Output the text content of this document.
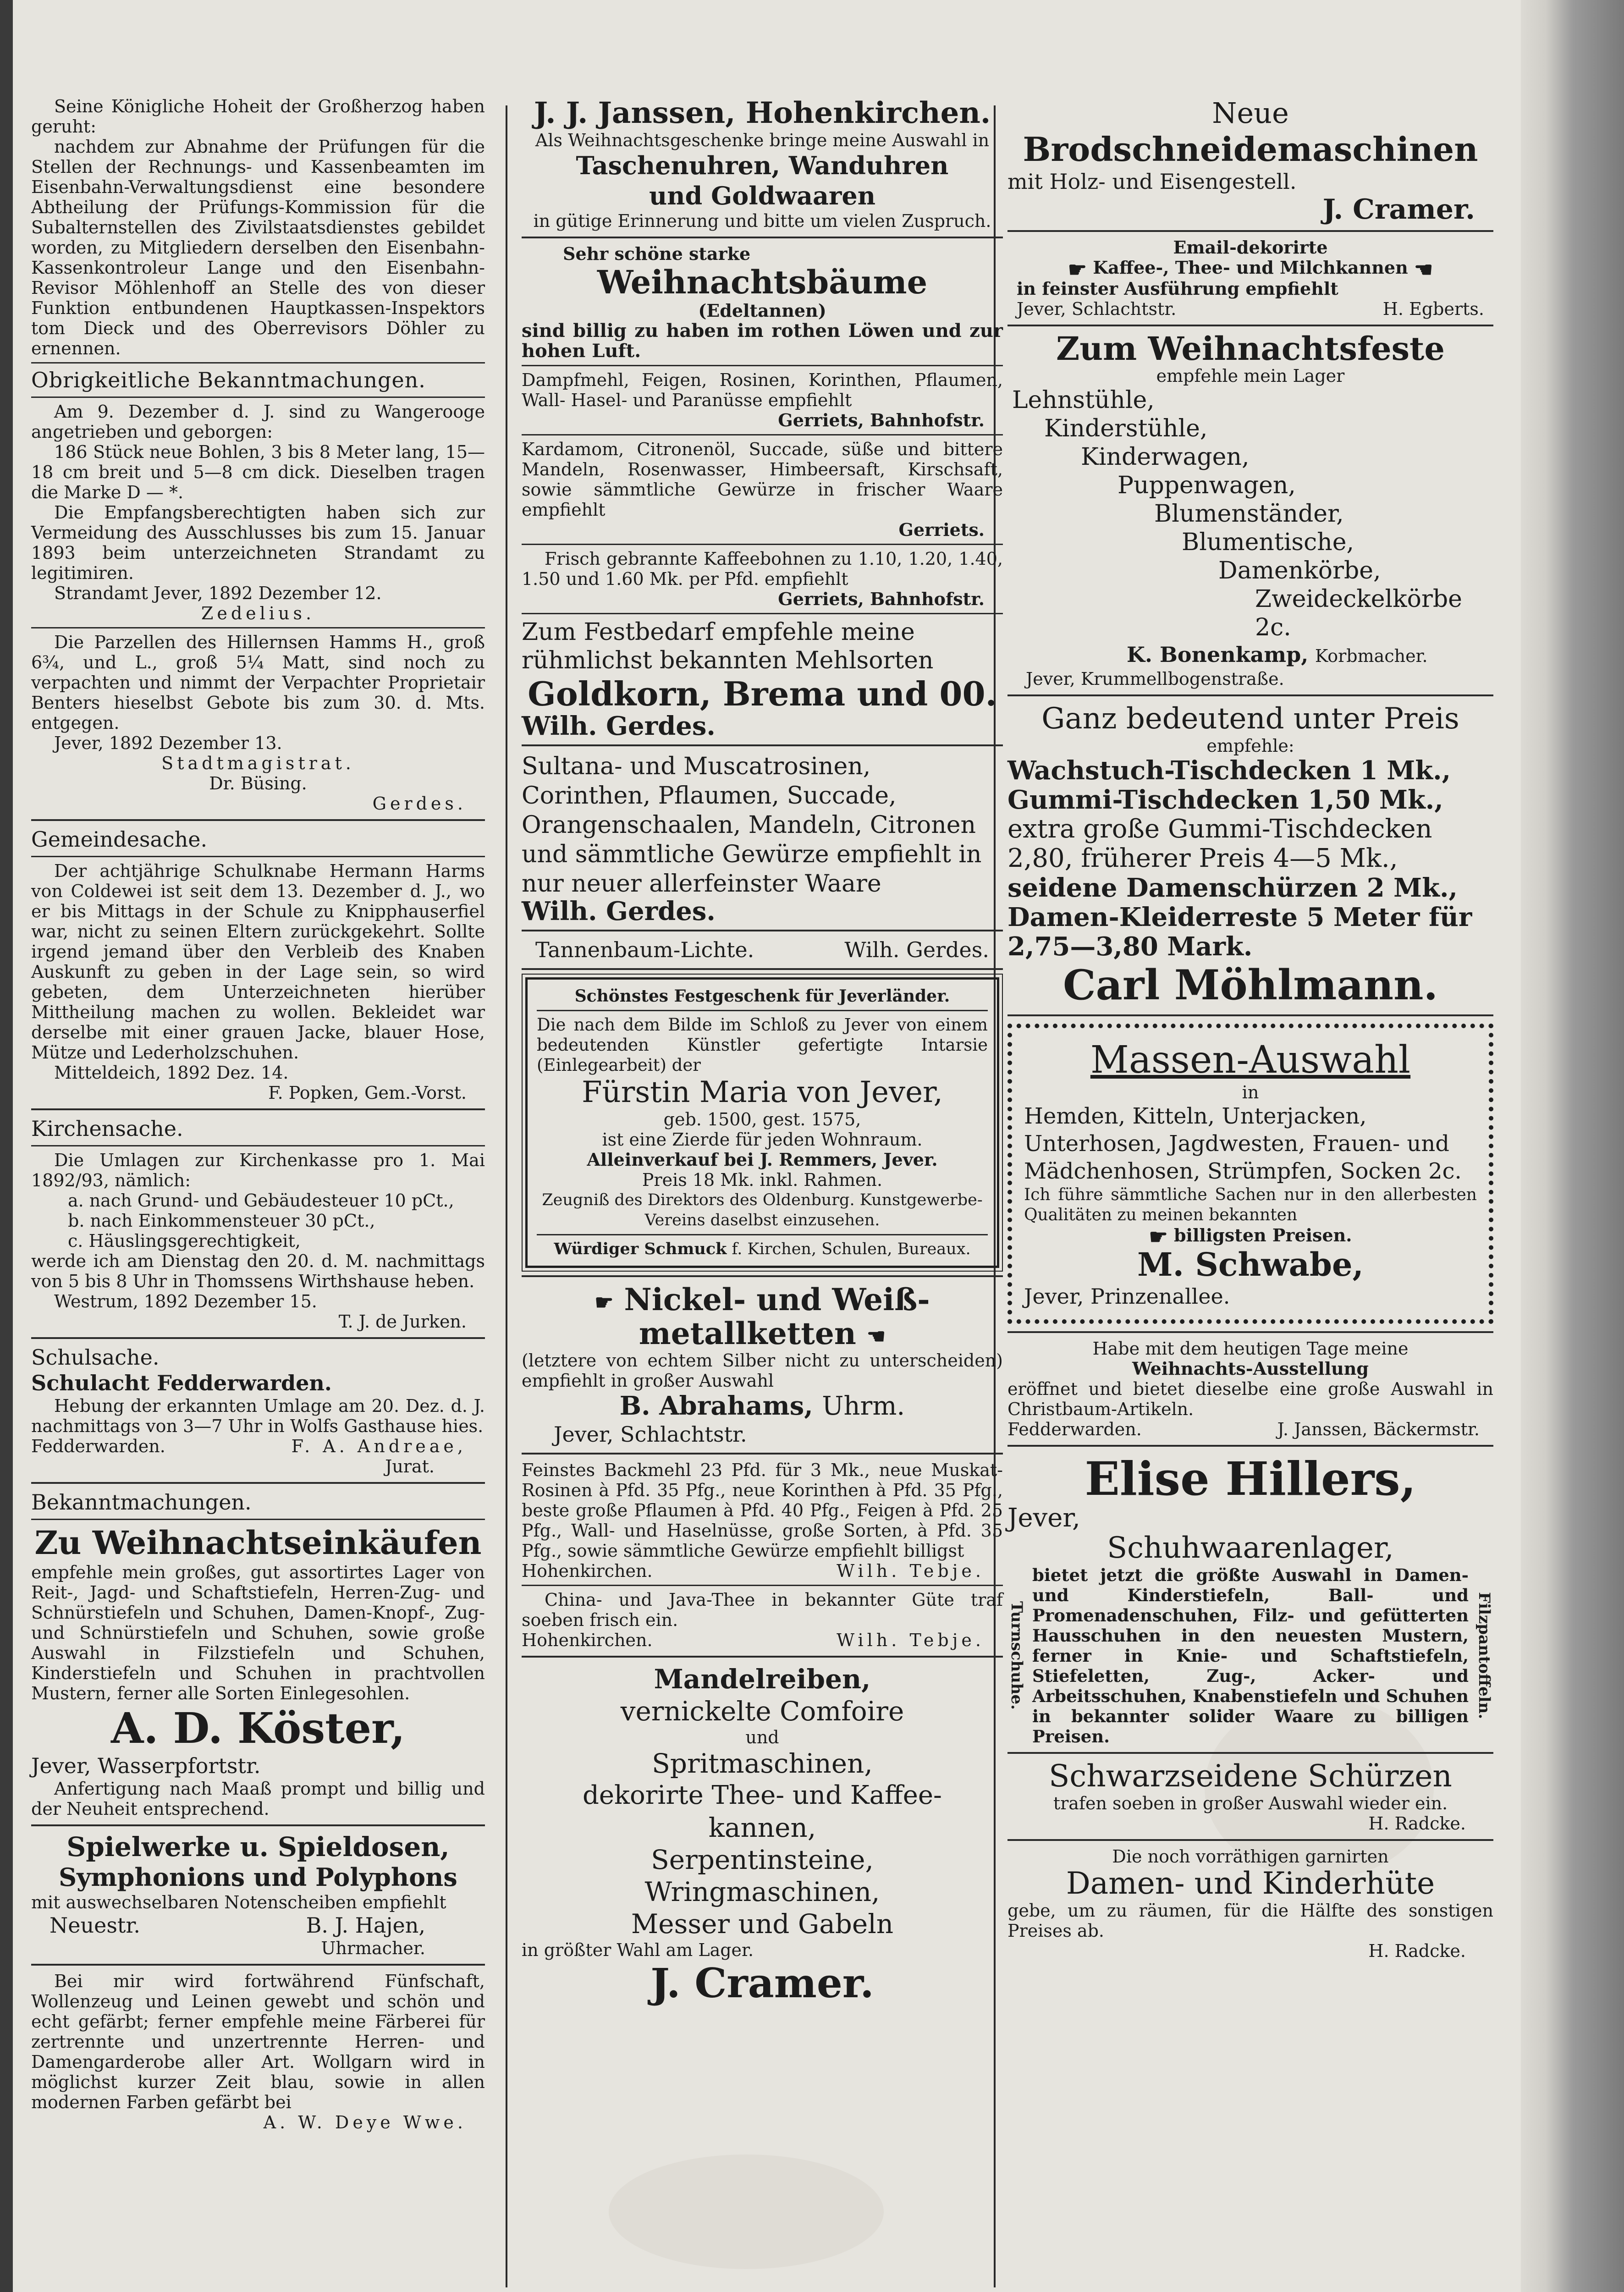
Seine Königliche Hoheit der Großherzog haben geruht:

nachdem zur Abnahme der Prüfungen für die Stellen der Rechnungs- und Kassenbeamten im Eisenbahn-Verwaltungsdienst eine besondere Abtheilung der Prüfungs-Kommission für die Subalternstellen des Zivilstaatsdienstes gebildet worden, zu Mitgliedern derselben den Eisenbahn-Kassenkontroleur Lange und den Eisenbahn-Revisor Möhlenhoff an Stelle des von dieser Funktion entbundenen Hauptkassen-Inspektors tom Dieck und des Oberrevisors Döhler zu ernennen.

Obrigkeitliche Bekanntmachungen.

Am 9. Dezember d. J. sind zu Wangerooge angetrieben und geborgen:

186 Stück neue Bohlen, 3 bis 8 Meter lang, 15—18 cm breit und 5—8 cm dick. Dieselben tragen die Marke D — *.

Die Empfangsberechtigten haben sich zur Vermeidung des Ausschlusses bis zum 15. Januar 1893 beim unterzeichneten Strandamt zu legitimiren.

Strandamt Jever, 1892 Dezember 12.

Zedelius.

Die Parzellen des Hillernsen Hamms H., groß 6¾, und L., groß 5¼ Matt, sind noch zu verpachten und nimmt der Verpachter Proprietair Benters hieselbst Gebote bis zum 30. d. Mts. entgegen.

Jever, 1892 Dezember 13.

Stadtmagistrat.

Dr. Büsing.

Gerdes.

Gemeindesache.

Der achtjährige Schulknabe Hermann Harms von Coldewei ist seit dem 13. Dezember d. J., wo er bis Mittags in der Schule zu Knipphauserfiel war, nicht zu seinen Eltern zurückgekehrt. Sollte irgend jemand über den Verbleib des Knaben Auskunft zu geben in der Lage sein, so wird gebeten, dem Unterzeichneten hierüber Mittheilung machen zu wollen. Bekleidet war derselbe mit einer grauen Jacke, blauer Hose, Mütze und Lederholzschuhen.

Mitteldeich, 1892 Dez. 14.

F. Popken, Gem.-Vorst.

Kirchensache.

Die Umlagen zur Kirchenkasse pro 1. Mai 1892/93, nämlich:

a. nach Grund- und Gebäudesteuer 10 pCt.,

b. nach Einkommensteuer 30 pCt.,

c. Häuslingsgerechtigkeit,

werde ich am Dienstag den 20. d. M. nachmittags von 5 bis 8 Uhr in Thomssens Wirthshause heben.

Westrum, 1892 Dezember 15.

T. J. de Jurken.

Schulsache.

Schulacht Fedderwarden.

Hebung der erkannten Umlage am 20. Dez. d. J. nachmittags von 3—7 Uhr in Wolfs Gasthause hies.

Fedderwarden.	F. A. Andreae,

Jurat.

Bekanntmachungen.

Zu Weihnachtseinkäufen

empfehle mein großes, gut assortirtes Lager von Reit-, Jagd- und Schaftstiefeln, Herren-Zug- und Schnürstiefeln und Schuhen, Damen-Knopf-, Zug- und Schnürstiefeln und Schuhen, sowie große Auswahl in Filzstiefeln und Schuhen, Kinderstiefeln und Schuhen in prachtvollen Mustern, ferner alle Sorten Einlegesohlen.

A. D. Köster,

Jever, Wasserpfortstr.

Anfertigung nach Maaß prompt und billig und der Neuheit entsprechend.

Spielwerke u. Spieldosen,

Symphonions und Polyphons

mit auswechselbaren Notenscheiben empfiehlt

Neuestr.	B. J. Hajen,

Uhrmacher.

Bei mir wird fortwährend Fünfschaft, Wollenzeug und Leinen gewebt und schön und echt gefärbt; ferner empfehle meine Färberei für zertrennte und unzertrennte Herren- und Damengarderobe aller Art. Wollgarn wird in möglichst kurzer Zeit blau, sowie in allen modernen Farben gefärbt bei

A. W. Deye Wwe.

J. J. Janssen, Hohenkirchen.

Als Weihnachtsgeschenke bringe meine Auswahl in

Taschenuhren, Wanduhren

und Goldwaaren

in gütige Erinnerung und bitte um vielen Zuspruch.

Sehr schöne starke

Weihnachtsbäume

(Edeltannen)

sind billig zu haben im rothen Löwen und zur hohen Luft.

Dampfmehl, Feigen, Rosinen, Korinthen, Pflaumen, Wall- Hasel- und Paranüsse empfiehlt

Gerriets, Bahnhofstr.

Kardamom, Citronenöl, Succade, süße und bittere Mandeln, Rosenwasser, Himbeersaft, Kirschsaft, sowie sämmtliche Gewürze in frischer Waare empfiehlt

Gerriets.

Frisch gebrannte Kaffeebohnen zu 1.10, 1.20, 1.40, 1.50 und 1.60 Mk. per Pfd. empfiehlt

Gerriets, Bahnhofstr.

Zum Festbedarf empfehle meine

rühmlichst bekannten Mehlsorten

Goldkorn, Brema und 00.

Wilh. Gerdes.

Sultana- und Muscatrosinen, Corinthen, Pflaumen, Succade, Orangenschaalen, Mandeln, Citronen und sämmtliche Gewürze empfiehlt in nur neuer allerfeinster Waare

Wilh. Gerdes.

Tannenbaum-Lichte.	Wilh. Gerdes.

Schönstes Festgeschenk für Jeverländer.

Die nach dem Bilde im Schloß zu Jever von einem bedeutenden Künstler gefertigte Intarsie (Einlegearbeit) der

Fürstin Maria von Jever,

geb. 1500, gest. 1575,

ist eine Zierde für jeden Wohnraum.

Alleinverkauf bei J. Remmers, Jever.

Preis 18 Mk. inkl. Rahmen.

Zeugniß des Direktors des Oldenburg. Kunstgewerbe-Vereins daselbst einzusehen.

Würdiger Schmuck f. Kirchen, Schulen, Bureaux.

☛ Nickel- und Weiß-

metallketten ☚

(letztere von echtem Silber nicht zu unterscheiden) empfiehlt in großer Auswahl

B. Abrahams, Uhrm.

Jever, Schlachtstr.

Feinstes Backmehl 23 Pfd. für 3 Mk., neue Muskat-Rosinen à Pfd. 35 Pfg., neue Korinthen à Pfd. 35 Pfg., beste große Pflaumen à Pfd. 40 Pfg., Feigen à Pfd. 25 Pfg., Wall- und Haselnüsse, große Sorten, à Pfd. 35 Pfg., sowie sämmtliche Gewürze empfiehlt billigst

Hohenkirchen.	Wilh. Tebje.

China- und Java-Thee in bekannter Güte traf soeben frisch ein.

Hohenkirchen.	Wilh. Tebje.

Mandelreiben,

vernickelte Comfoire

und

Spritmaschinen,

dekorirte Thee- und Kaffee-

kannen,

Serpentinsteine,

Wringmaschinen,

Messer und Gabeln

in größter Wahl am Lager.

J. Cramer.

Neue

Brodschneidemaschinen

mit Holz- und Eisengestell.

J. Cramer.

Email-dekorirte

☛ Kaffee-, Thee- und Milchkannen ☚

in feinster Ausführung empfiehlt

Jever, Schlachtstr.	H. Egberts.

Zum Weihnachtsfeste

empfehle mein Lager

Lehnstühle,

Kinderstühle,

Kinderwagen,

Puppenwagen,

Blumenständer,

Blumentische,

Damenkörbe,

Zweideckelkörbe 2c.

K. Bonenkamp, Korbmacher.

Jever, Krummellbogenstraße.

Ganz bedeutend unter Preis

empfehle:

Wachstuch-Tischdecken 1 Mk.,

Gummi-Tischdecken 1,50 Mk.,

extra große Gummi-Tischdecken

2,80, früherer Preis 4—5 Mk.,

seidene Damenschürzen 2 Mk.,

Damen-Kleiderreste 5 Meter für

2,75—3,80 Mark.

Carl Möhlmann.

Massen-Auswahl

in

Hemden, Kitteln, Unterjacken, Unterhosen, Jagdwesten, Frauen- und Mädchenhosen, Strümpfen, Socken 2c.

Ich führe sämmtliche Sachen nur in den allerbesten Qualitäten zu meinen bekannten

☛ billigsten Preisen.

M. Schwabe,

Jever, Prinzenallee.

Habe mit dem heutigen Tage meine

Weihnachts-Ausstellung

eröffnet und bietet dieselbe eine große Auswahl in Christbaum-Artikeln.

Fedderwarden.	J. Janssen, Bäckermstr.

Elise Hillers,

Jever,

Schuhwaarenlager,

Turnschuhe.

bietet jetzt die größte Auswahl in Damen- und Kinderstiefeln, Ball- und Promenadenschuhen, Filz- und gefütterten Hausschuhen in den neuesten Mustern, ferner in Knie- und Schaftstiefeln, Stiefeletten, Zug-, Acker- und Arbeitsschuhen, Knabenstiefeln und Schuhen in bekannter solider Waare zu billigen Preisen.

Filzpantoffeln.

Schwarzseidene Schürzen

trafen soeben in großer Auswahl wieder ein.

H. Radcke.

Die noch vorräthigen garnirten

Damen- und Kinderhüte

gebe, um zu räumen, für die Hälfte des sonstigen Preises ab.

H. Radcke.
